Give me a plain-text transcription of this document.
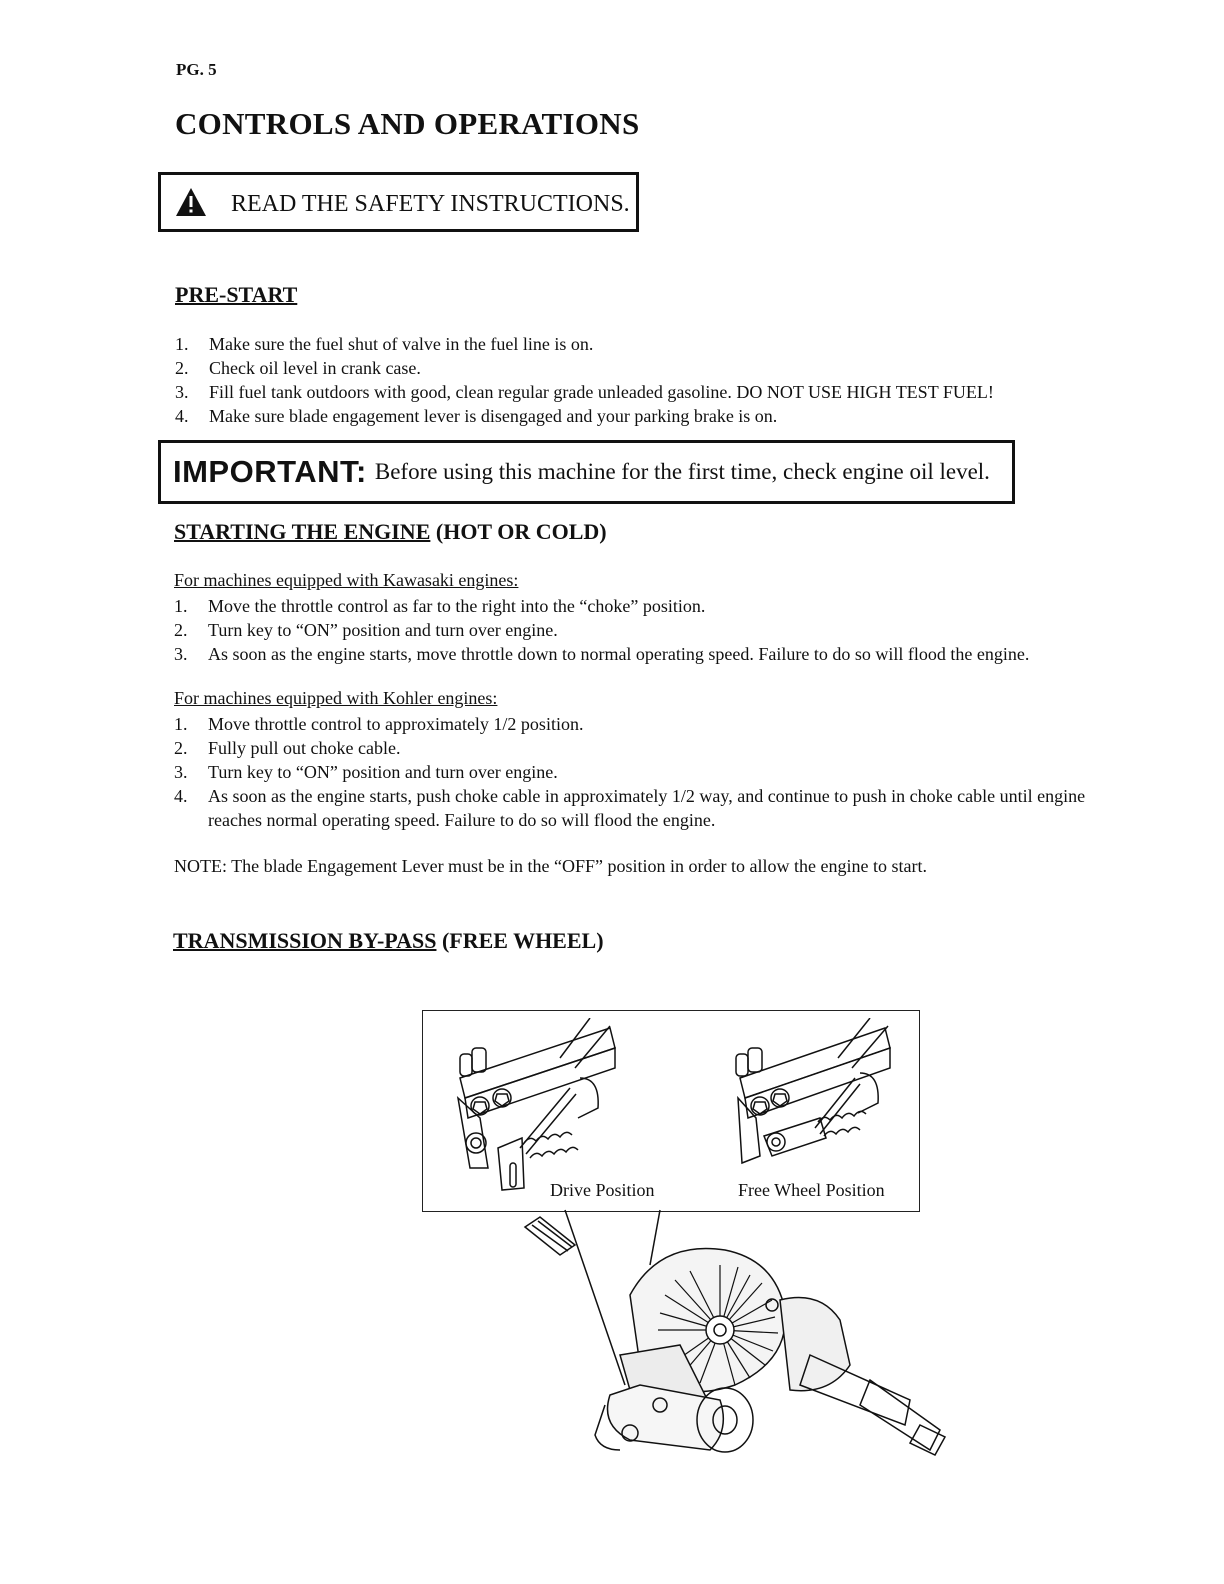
PG. 5
CONTROLS AND OPERATIONS
READ THE SAFETY INSTRUCTIONS.
PRE-START
1. Make sure the fuel shut of valve in the fuel line is on.
2. Check oil level in crank case.
3. Fill fuel tank outdoors with good, clean regular grade unleaded gasoline. DO NOT USE HIGH TEST FUEL!
4. Make sure blade engagement lever is disengaged and your parking brake is on.
IMPORTANT: Before using this machine for the first time, check engine oil level.
STARTING THE ENGINE (HOT OR COLD)
For machines equipped with Kawasaki engines:
1. Move the throttle control as far to the right into the “choke” position.
2. Turn key to “ON” position and turn over engine.
3. As soon as the engine starts, move throttle down to normal operating speed. Failure to do so will flood the engine.
For machines equipped with Kohler engines:
1. Move throttle control to approximately 1/2 position.
2. Fully pull out choke cable.
3. Turn key to “ON” position and turn over engine.
4. As soon as the engine starts, push choke cable in approximately 1/2 way, and continue to push in choke cable until engine reaches normal operating speed. Failure to do so will flood the engine.
NOTE: The blade Engagement Lever must be in the “OFF” position in order to allow the engine to start.
TRANSMISSION BY-PASS (FREE WHEEL)
Drive Position	Free Wheel Position
